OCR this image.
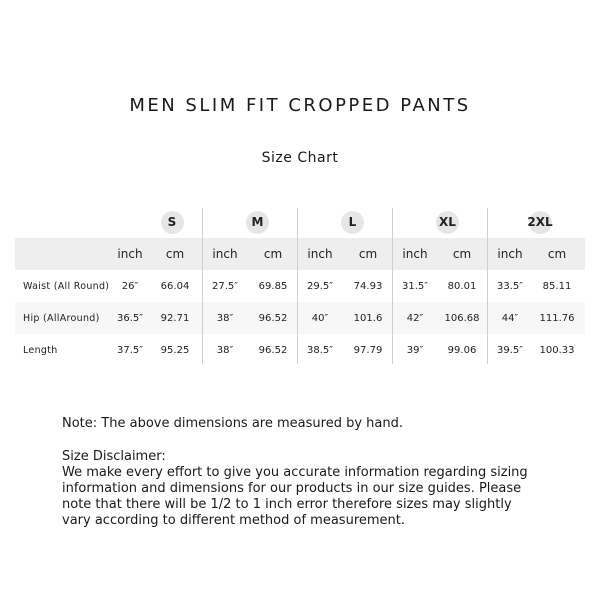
MEN SLIM FIT CROPPED PANTS
Size Chart
S	M	L	XL	2XL
inch	cm	inch	cm	inch	cm	inch	cm	inch	cm
Waist (All Round)	26″	66.04	27.5″	69.85	29.5″	74.93	31.5″	80.01	33.5″	85.11
Hip (AllAround) 36.5″	92.71	38″	96.52	40″	101.6	42″	106.68	44″	111.76
Length	37.5″	95.25	38″	96.52	38.5″	97.79	39″	99.06	39.5″ 100.33
Note: The above dimensions are measured by hand.
Size Disclaimer:
We make every effort to give you accurate information regarding sizing information and dimensions for our products in our size guides. Please note that there will be 1/2 to 1 inch error therefore sizes may slightly vary according to different method of measurement.
